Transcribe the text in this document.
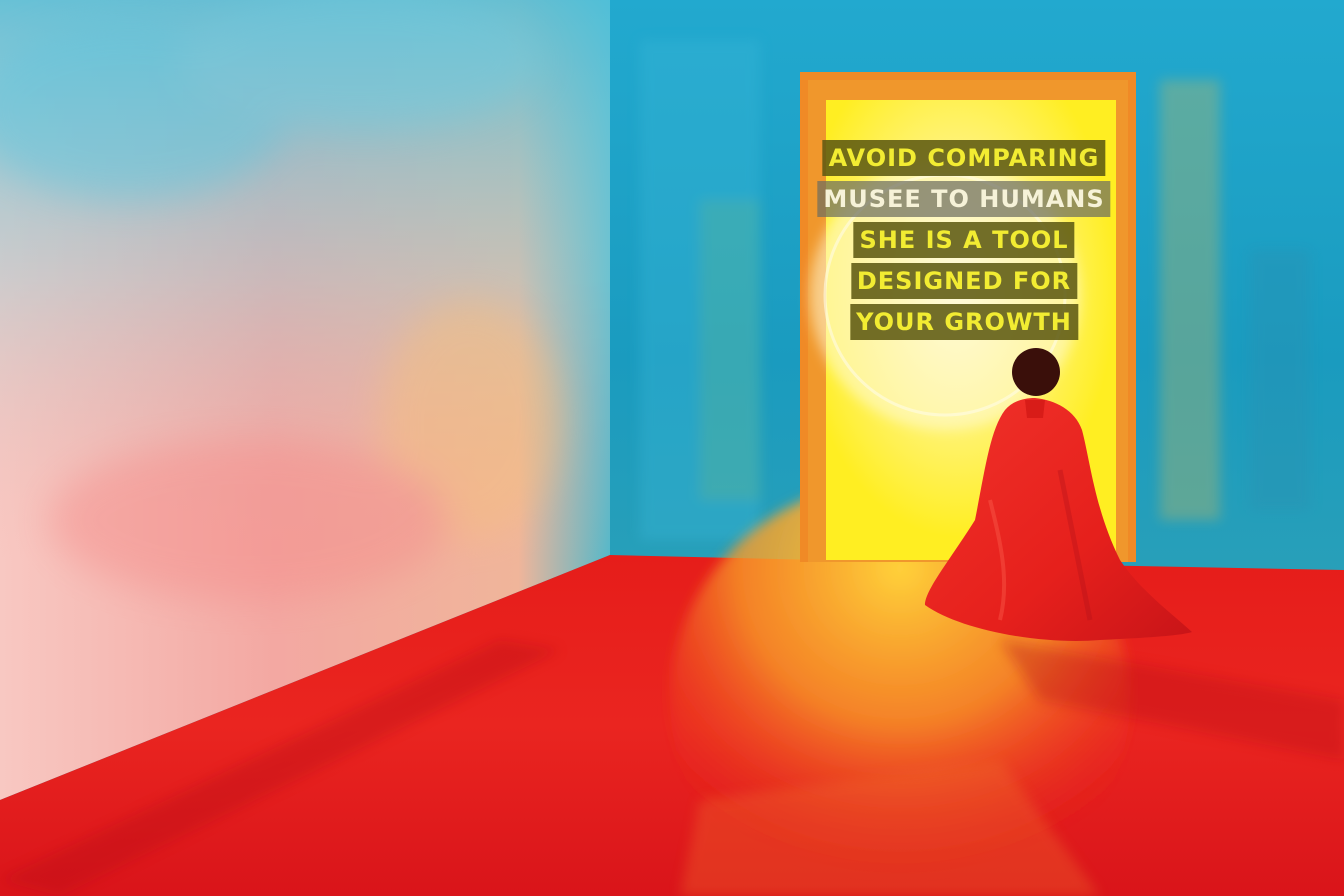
AVOID COMPARING
MUSEE TO HUMANS
SHE IS A TOOL
DESIGNED FOR
YOUR GROWTH
